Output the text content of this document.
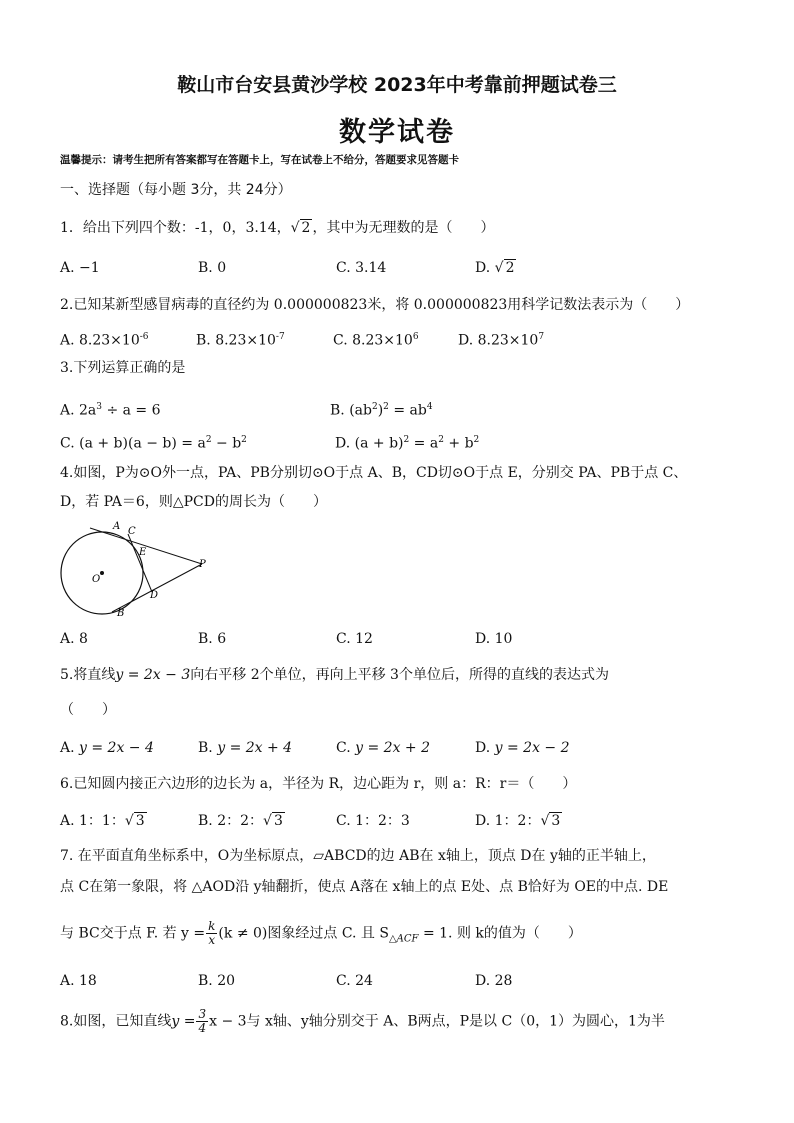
鞍山市台安县黄沙学校 2023年中考靠前押题试卷三
数学试卷
温馨提示：请考生把所有答案都写在答题卡上，写在试卷上不给分，答题要求见答题卡
一、选择题（每小题 3分，共 24分）
1．给出下列四个数：-1，0，3.14，√ 2 ，其中为无理数的是（　　）
A. −1	B. 0	C. 3.14	D. √ 2
2.已知某新型感冒病毒的直径约为 0.000000823米，将 0.000000823用科学记数法表示为（　　）
A. $8.23\times 10^{-6}$	B. $8.23\times 10^{-7}$	C. $8.23\times 10^6$	D. $8.23\times 10^7$
3.下列运算正确的是
A. $2a^3 \div a = 6$	B. $(ab^2)^2 = ab^4$
C. $(a + b)(a - b) = a^2 - b^2$	D. $(a + b)^2 = a^2 + b^2$
4.如图，P为⊙O外一点，PA、PB分别切⊙O于点 A、B，CD切⊙O于点 E，分别交 PA、PB于点 C、
D，若 PA＝6，则△PCD的周长为（　　）
A C
E
P
O
D
B
A. 8	B. 6	C. 12	D. 10
5.将直线y = 2x − 3向右平移 2个单位，再向上平移 3个单位后，所得的直线的表达式为
（　　）
A. y = 2x − 4	B. y = 2x + 4	C. y = 2x + 2	D. y = 2x − 2
6.已知圆内接正六边形的边长为 a，半径为 R，边心距为 r，则 a：R：r＝（　　）
A. 1：1：√ 3	B. 2：2：√ 3	C. 1：2：3	D. 1：2：√ 3
7. 在平面直角坐标系中，O为坐标原点，▱ABCD的边 AB在 x轴上，顶点 D在 y轴的正半轴上，
点 C在第一象限，将 △AOD沿 y轴翻折，使点 A落在 x轴上的点 E处、点 B恰好为 OE的中点. DE
与 BC交于点 F. 若 $y = \frac{k}{x} (k \ne 0)$图象经过点 C. 且 $S_{\triangle ACF} = 1$. 则 k的值为（　　）
A. 18	B. 20	C. 24	D. 28
8.如图，已知直线$y = \frac{3}{4}$ x − 3与 x轴、y轴分别交于 A、B两点，P是以 C（0，1）为圆心，1为半
